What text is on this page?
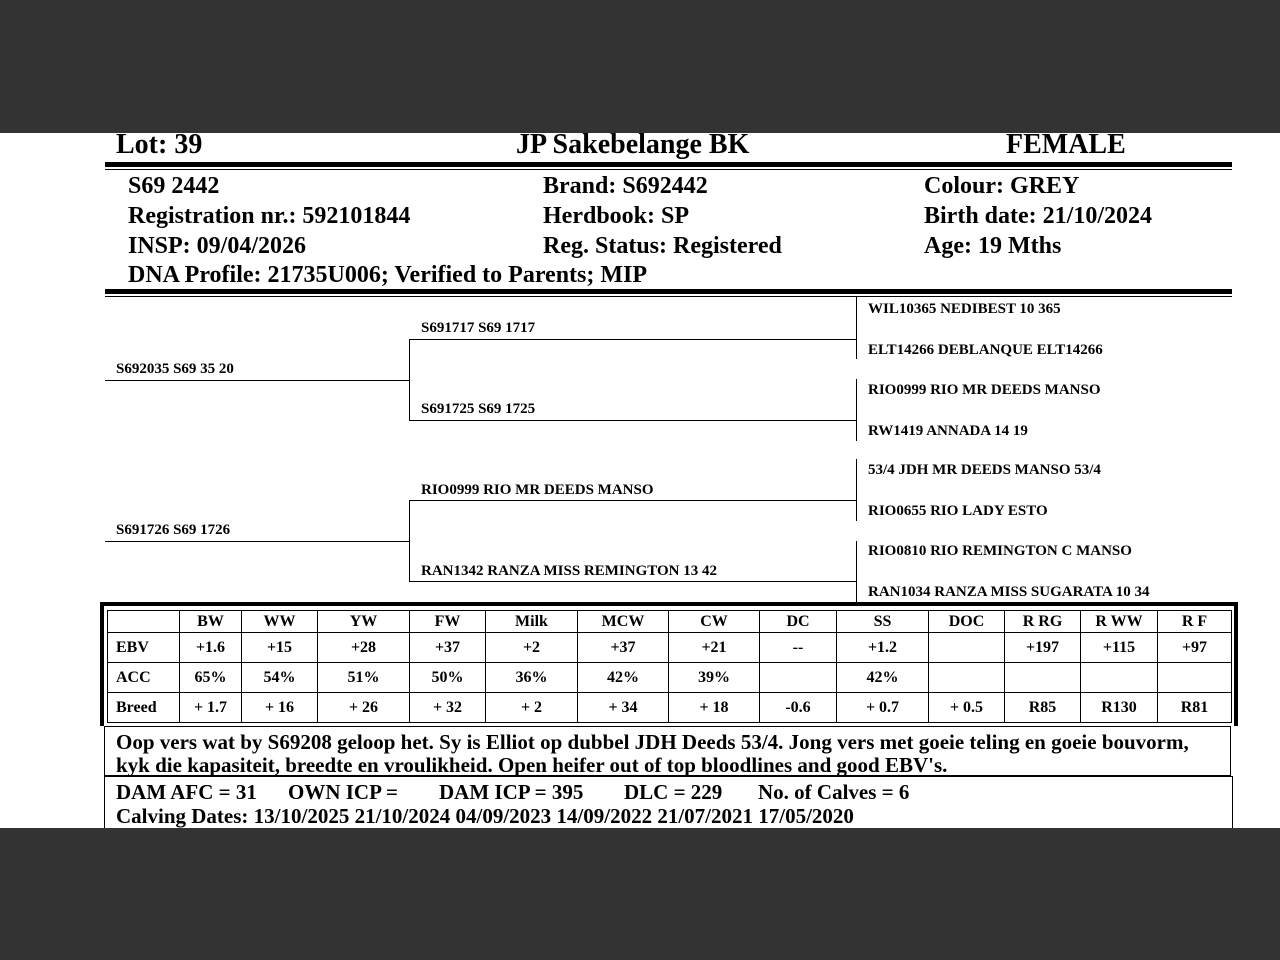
Lot: 39	JP Sakebelange BK	FEMALE
S69 2442
Registration nr.: 592101844
INSP: 09/04/2026
DNA Profile: 21735U006; Verified to Parents; MIP
Brand: S692442
Herdbook: SP
Reg. Status: Registered
Colour: GREY
Birth date: 21/10/2024
Age: 19 Mths
S692035 S69 35 20
S691726 S69 1726
S691717 S69 1717
S691725 S69 1725
RIO0999 RIO MR DEEDS MANSO
RAN1342 RANZA MISS REMINGTON 13 42
WIL10365 NEDIBEST 10 365
ELT14266 DEBLANQUE ELT14266
RIO0999 RIO MR DEEDS MANSO
RW1419 ANNADA 14 19
53/4 JDH MR DEEDS MANSO 53/4
RIO0655 RIO LADY ESTO
RIO0810 RIO REMINGTON C MANSO
RAN1034 RANZA MISS SUGARATA 10 34
	BW	WW	YW	FW	Milk	MCW	CW	DC	SS	DOC	R RG	R WW	R F
EBV	+1.6	+15	+28	+37	+2	+37	+21	--	+1.2		+197	+115	+97
ACC	65%	54%	51%	50%	36%	42%	39%		42%				
Breed	+ 1.7	+ 16	+ 26	+ 32	+ 2	+ 34	+ 18	-0.6	+ 0.7	+ 0.5	R85	R130	R81
Oop vers wat by S69208 geloop het. Sy is Elliot op dubbel JDH Deeds 53/4. Jong vers met goeie teling en goeie bouvorm,
kyk die kapasiteit, breedte en vroulikheid. Open heifer out of top bloodlines and good EBV's.
DAM AFC = 31 OWN ICP = DAM ICP = 395 DLC = 229 No. of Calves = 6
Calving Dates: 13/10/2025 21/10/2024 04/09/2023 14/09/2022 21/07/2021 17/05/2020
